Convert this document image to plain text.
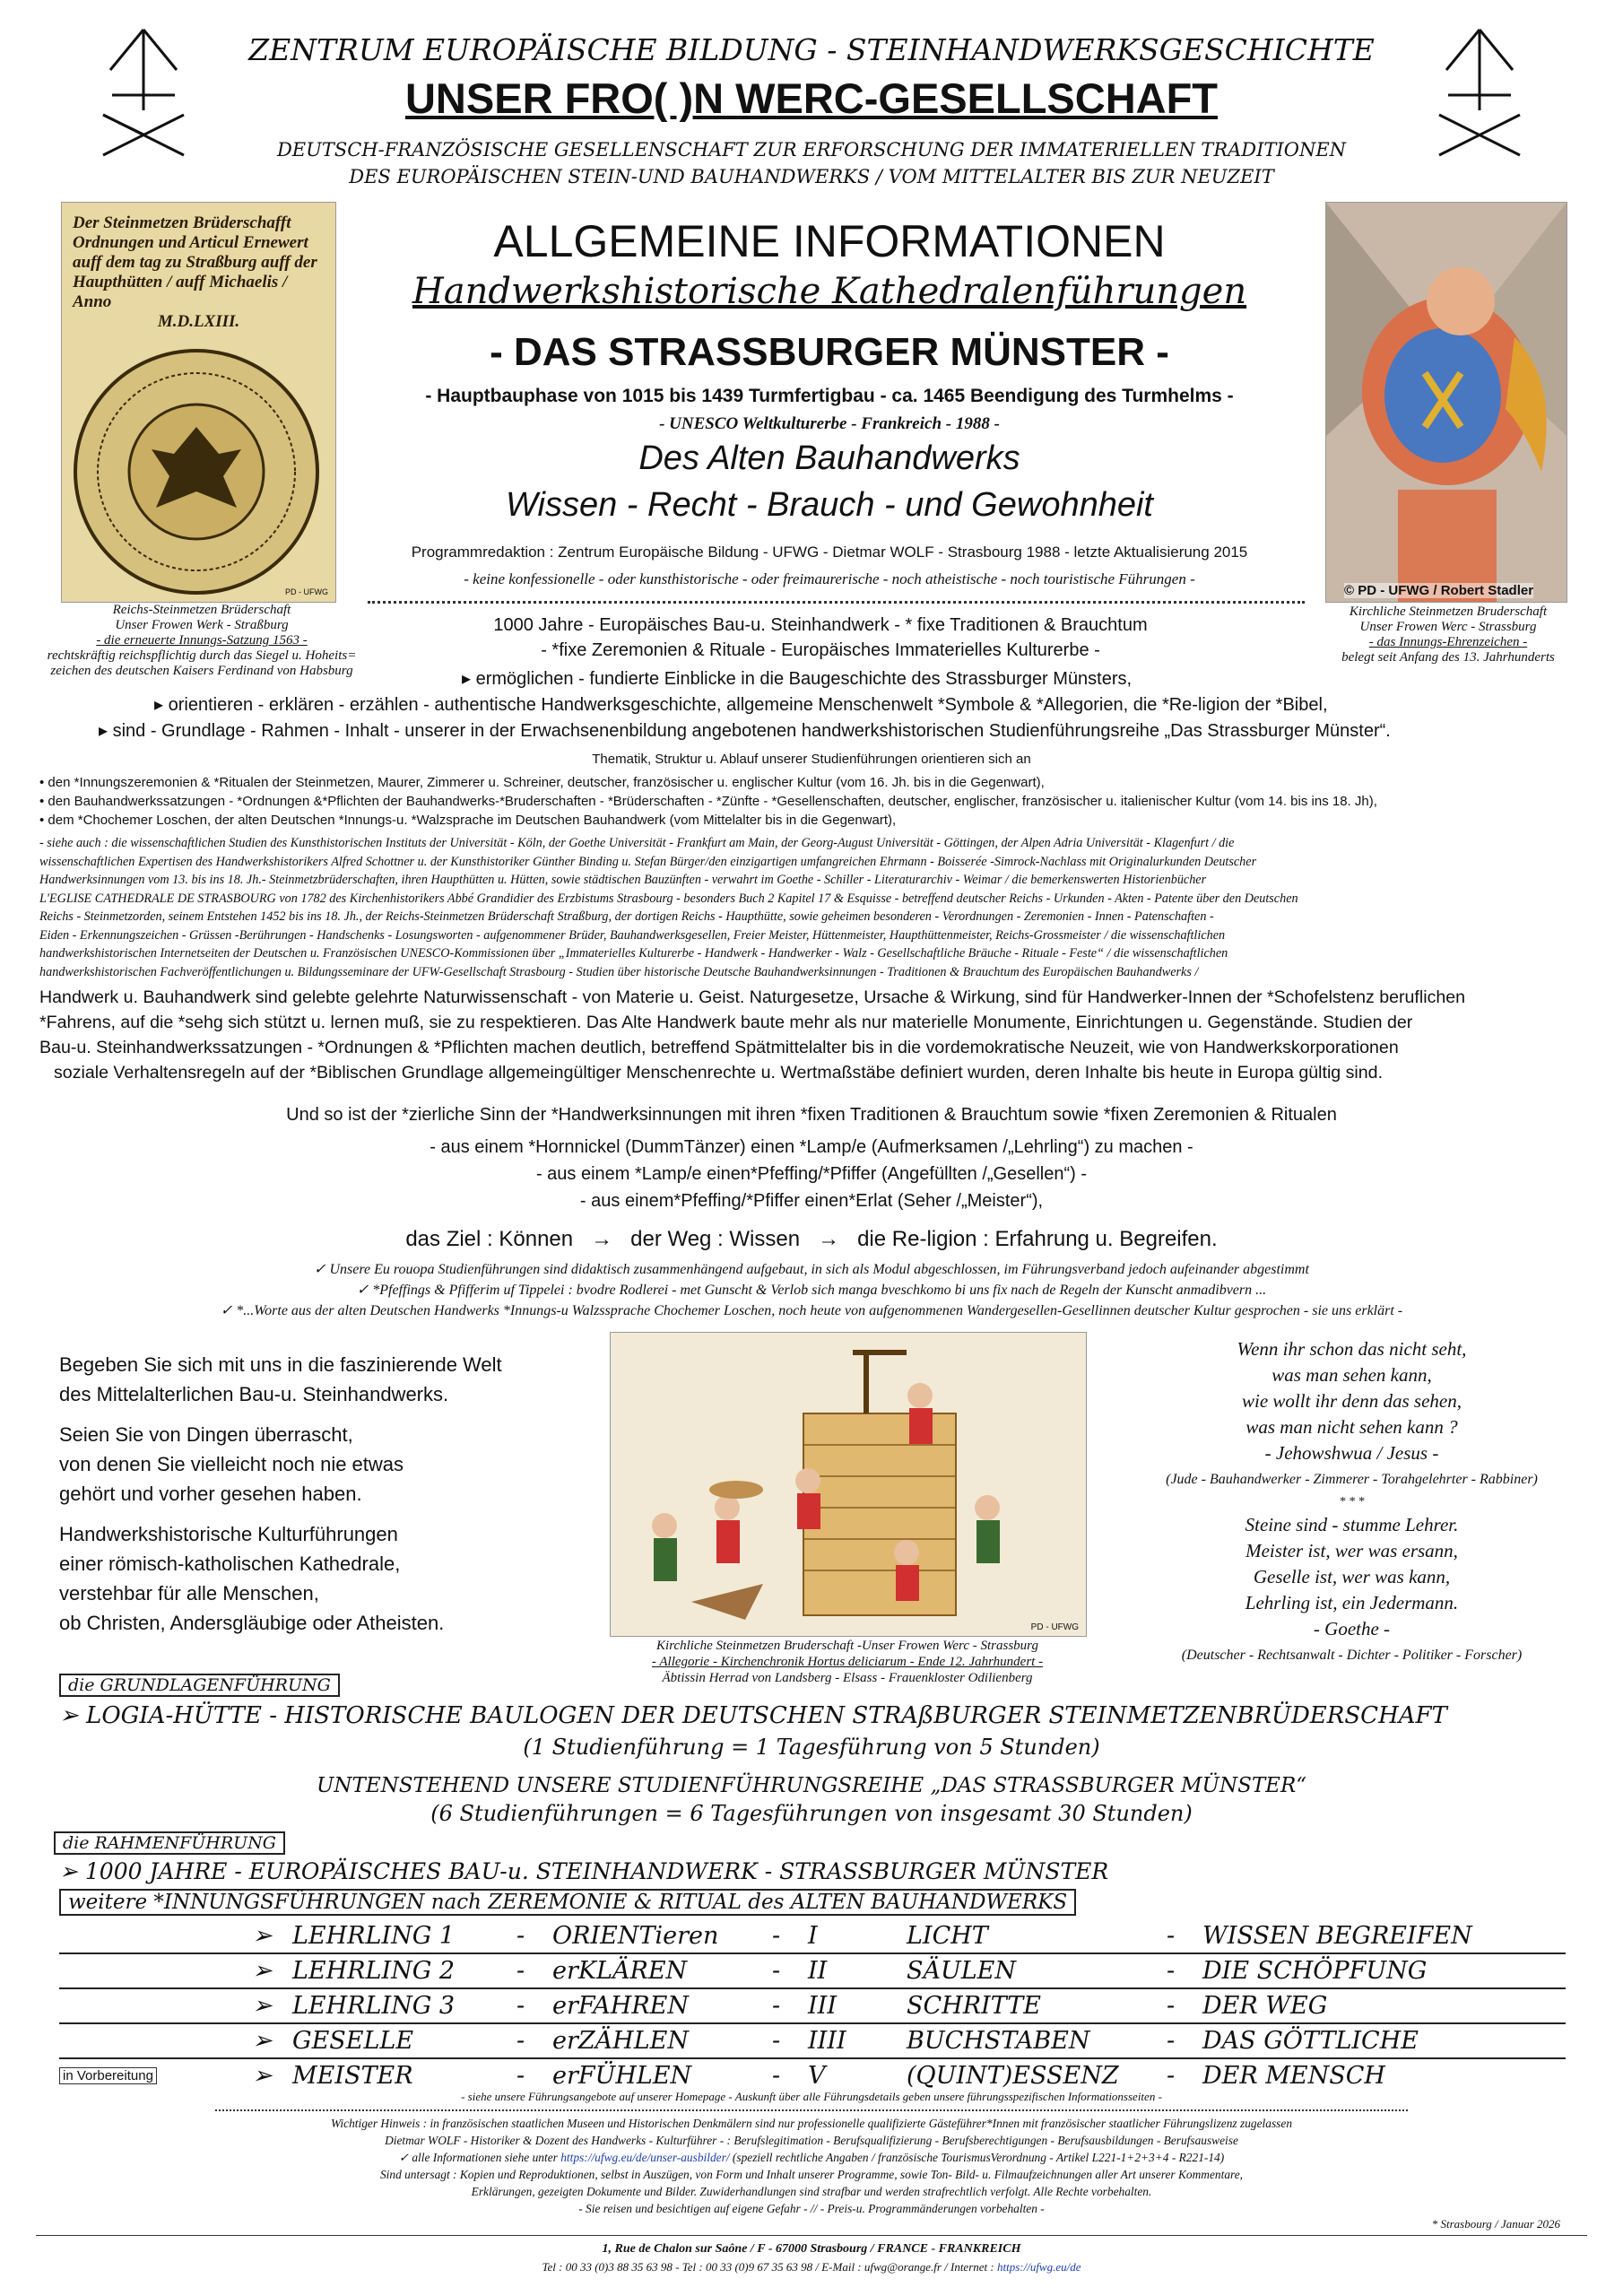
ZENTRUM EUROPÄISCHE BILDUNG - STEINHANDWERKSGESCHICHTE
UNSER FRO( )N WERC-GESELLSCHAFT
DEUTSCH-FRANZÖSISCHE GESELLENSCHAFT ZUR ERFORSCHUNG DER IMMATERIELLEN TRADITIONEN
DES EUROPÄISCHEN STEIN-UND BAUHANDWERKS / VOM MITTELALTER BIS ZUR NEUZEIT
Der Steinmetzen Brüderschafft Ordnungen und Articul Ernewert auff dem tag zu Straßburg auff der Haupthütten / auff Michaelis / Anno
M.D.LXIII.
PD - UFWG
Reichs-Steinmetzen Brüderschaft
Unser Frowen Werk - Straßburg
- die erneuerte Innungs-Satzung 1563 -
rechtskräftig reichspflichtig durch das Siegel u. Hoheits=
zeichen des deutschen Kaisers Ferdinand von Habsburg
© PD - UFWG / Robert Stadler
Kirchliche Steinmetzen Bruderschaft
Unser Frowen Werc - Strassburg
- das Innungs-Ehrenzeichen -
belegt seit Anfang des 13. Jahrhunderts
ALLGEMEINE INFORMATIONEN
Handwerkshistorische Kathedralenführungen
- DAS STRASSBURGER MÜNSTER -
- Hauptbauphase von 1015 bis 1439 Turmfertigbau - ca. 1465 Beendigung des Turmhelms -
- UNESCO Weltkulturerbe - Frankreich - 1988 -
Des Alten Bauhandwerks
Wissen - Recht - Brauch - und Gewohnheit
Programmredaktion : Zentrum Europäische Bildung - UFWG - Dietmar WOLF - Strasbourg 1988 - letzte Aktualisierung 2015
- keine konfessionelle - oder kunsthistorische - oder freimaurerische - noch atheistische - noch touristische Führungen -
1000 Jahre - Europäisches Bau-u. Steinhandwerk - * fixe Traditionen & Brauchtum
- *fixe Zeremonien & Rituale - Europäisches Immaterielles Kulturerbe -
▸ ermöglichen - fundierte Einblicke in die Baugeschichte des Strassburger Münsters,
▸ orientieren - erklären - erzählen - authentische Handwerksgeschichte, allgemeine Menschenwelt *Symbole & *Allegorien, die *Re-ligion der *Bibel,
▸ sind - Grundlage - Rahmen - Inhalt - unserer in der Erwachsenenbildung angebotenen handwerkshistorischen Studienführungsreihe „Das Strassburger Münster“.
Thematik, Struktur u. Ablauf unserer Studienführungen orientieren sich an
• den *Innungszeremonien & *Ritualen der Steinmetzen, Maurer, Zimmerer u. Schreiner, deutscher, französischer u. englischer Kultur (vom 16. Jh. bis in die Gegenwart),
• den Bauhandwerkssatzungen - *Ordnungen &*Pflichten der Bauhandwerks-*Bruderschaften - *Brüderschaften - *Zünfte - *Gesellenschaften, deutscher, englischer, französischer u. italienischer Kultur (vom 14. bis ins 18. Jh),
• dem *Chochemer Loschen, der alten Deutschen *Innungs-u. *Walzsprache im Deutschen Bauhandwerk (vom Mittelalter bis in die Gegenwart),
- siehe auch : die wissenschaftlichen Studien des Kunsthistorischen Instituts der Universität - Köln, der Goethe Universität - Frankfurt am Main, der Georg-August Universität - Göttingen, der Alpen Adria Universität - Klagenfurt / die
wissenschaftlichen Expertisen des Handwerkshistorikers Alfred Schottner u. der Kunsthistoriker Günther Binding u. Stefan Bürger/den einzigartigen umfangreichen Ehrmann - Boisserée -Simrock-Nachlass mit Originalurkunden Deutscher
Handwerksinnungen vom 13. bis ins 18. Jh.- Steinmetzbrüderschaften, ihren Haupthütten u. Hütten, sowie städtischen Bauzünften - verwahrt im Goethe - Schiller - Literaturarchiv - Weimar / die bemerkenswerten Historienbücher
L'EGLISE CATHEDRALE DE STRASBOURG von 1782 des Kirchenhistorikers Abbé Grandidier des Erzbistums Strasbourg - besonders Buch 2 Kapitel 17 & Esquisse - betreffend deutscher Reichs - Urkunden - Akten - Patente über den Deutschen
Reichs - Steinmetzorden, seinem Entstehen 1452 bis ins 18. Jh., der Reichs-Steinmetzen Brüderschaft Straßburg, der dortigen Reichs - Haupthütte, sowie geheimen besonderen - Verordnungen - Zeremonien - Innen - Patenschaften -
Eiden - Erkennungszeichen - Grüssen -Berührungen - Handschenks - Losungsworten - aufgenommener Brüder, Bauhandwerksgesellen, Freier Meister, Hüttenmeister, Haupthüttenmeister, Reichs-Grossmeister / die wissenschaftlichen
handwerkshistorischen Internetseiten der Deutschen u. Französischen UNESCO-Kommissionen über „Immaterielles Kulturerbe - Handwerk - Handwerker - Walz - Gesellschaftliche Bräuche - Rituale - Feste“ / die wissenschaftlichen
handwerkshistorischen Fachveröffentlichungen u. Bildungsseminare der UFW-Gesellschaft Strasbourg - Studien über historische Deutsche Bauhandwerksinnungen - Traditionen & Brauchtum des Europäischen Bauhandwerks /
Handwerk u. Bauhandwerk sind gelebte gelehrte Naturwissenschaft - von Materie u. Geist. Naturgesetze, Ursache & Wirkung, sind für Handwerker-Innen der *Schofelstenz beruflichen
*Fahrens, auf die *sehg sich stützt u. lernen muß, sie zu respektieren. Das Alte Handwerk baute mehr als nur materielle Monumente, Einrichtungen u. Gegenstände. Studien der
Bau-u. Steinhandwerkssatzungen - *Ordnungen & *Pflichten machen deutlich, betreffend Spätmittelalter bis in die vordemokratische Neuzeit, wie von Handwerkskorporationen
soziale Verhaltensregeln auf der *Biblischen Grundlage allgemeingültiger Menschenrechte u. Wertmaßstäbe definiert wurden, deren Inhalte bis heute in Europa gültig sind.
Und so ist der *zierliche Sinn der *Handwerksinnungen mit ihren *fixen Traditionen & Brauchtum sowie *fixen Zeremonien & Ritualen
- aus einem *Hornnickel (DummTänzer) einen *Lamp/e (Aufmerksamen /„Lehrling“) zu machen -
- aus einem *Lamp/e einen*Pfeffing/*Pfiffer (Angefüllten /„Gesellen“) -
- aus einem*Pfeffing/*Pfiffer einen*Erlat (Seher /„Meister“),
das Ziel : Können   →   der Weg : Wissen   →   die Re-ligion : Erfahrung u. Begreifen.
✓ Unsere Eu rouopa Studienführungen sind didaktisch zusammenhängend aufgebaut, in sich als Modul abgeschlossen, im Führungsverband jedoch aufeinander abgestimmt
✓ *Pfeffings & Pfifferim uf Tippelei : bvodre Rodlerei - met Gunscht & Verlob sich manga bveschkomo bi uns fix nach de Regeln der Kunscht anmadibvern ...
✓ *...Worte aus der alten Deutschen Handwerks *Innungs-u Walzssprache Chochemer Loschen, noch heute von aufgenommenen Wandergesellen-Gesellinnen deutscher Kultur gesprochen - sie uns erklärt -
Begeben Sie sich mit uns in die faszinierende Welt
des Mittelalterlichen Bau-u. Steinhandwerks.
Seien Sie von Dingen überrascht,
von denen Sie vielleicht noch nie etwas
gehört und vorher gesehen haben.
Handwerkshistorische Kulturführungen
einer römisch-katholischen Kathedrale,
verstehbar für alle Menschen,
ob Christen, Andersgläubige oder Atheisten.	PD - UFWG
Kirchliche Steinmetzen Bruderschaft -Unser Frowen Werc - Strassburg
- Allegorie - Kirchenchronik Hortus deliciarum - Ende 12. Jahrhundert -
Äbtissin Herrad von Landsberg - Elsass - Frauenkloster Odilienberg
Wenn ihr schon das nicht seht,
was man sehen kann,
wie wollt ihr denn das sehen,
was man nicht sehen kann ?
- Jehowshwua / Jesus -
(Jude - Bauhandwerker - Zimmerer - Torahgelehrter - Rabbiner)
* * *
Steine sind - stumme Lehrer.
Meister ist, wer was ersann,
Geselle ist, wer was kann,
Lehrling ist, ein Jedermann.
- Goethe -
(Deutscher - Rechtsanwalt - Dichter - Politiker - Forscher)
die GRUNDLAGENFÜHRUNG
➢ LOGIA-HÜTTE - HISTORISCHE BAULOGEN DER DEUTSCHEN STRAßBURGER STEINMETZENBRÜDERSCHAFT
(1 Studienführung = 1 Tagesführung von 5 Stunden)
UNTENSTEHEND UNSERE STUDIENFÜHRUNGSREIHE „DAS STRASSBURGER MÜNSTER“
(6 Studienführungen = 6 Tagesführungen von insgesamt 30 Stunden)
die RAHMENFÜHRUNG
➢ 1000 JAHRE - EUROPÄISCHES BAU-u. STEINHANDWERK - STRASSBURGER MÜNSTER
weitere *INNUNGSFÜHRUNGEN nach ZEREMONIE & RITUAL des ALTEN BAUHANDWERKS
➢ LEHRLING 1	-	ORIENTieren	-	I	LICHT	-	WISSEN BEGREIFEN
➢ LEHRLING 2	-	erKLÄREN	-	II	SÄULEN	-	DIE SCHÖPFUNG
➢ LEHRLING 3	-	erFAHREN	-	III	SCHRITTE	-	DER WEG
➢ GESELLE	-	erZÄHLEN	-	IIII	BUCHSTABEN	-	DAS GÖTTLICHE
in Vorbereitung	➢ MEISTER	-	erFÜHLEN	-	V	(QUINT)ESSENZ	-	DER MENSCH
- siehe unsere Führungsangebote auf unserer Homepage - Auskunft über alle Führungsdetails geben unsere führungsspezifischen Informationsseiten -
Wichtiger Hinweis : in französischen staatlichen Museen und Historischen Denkmälern sind nur professionelle qualifizierte Gästeführer*Innen mit französischer staatlicher Führungslizenz zugelassen
Dietmar WOLF - Historiker & Dozent des Handwerks - Kulturführer - : Berufslegitimation - Berufsqualifizierung - Berufsberechtigungen - Berufsausbildungen - Berufsausweise
✓ alle Informationen siehe unter https://ufwg.eu/de/unser-ausbilder/ (speziell rechtliche Angaben / französische TourismusVerordnung - Artikel L221-1+2+3+4 - R221-14)
Sind untersagt : Kopien und Reproduktionen, selbst in Auszügen, von Form und Inhalt unserer Programme, sowie Ton- Bild- u. Filmaufzeichnungen aller Art unserer Kommentare,
Erklärungen, gezeigten Dokumente und Bilder. Zuwiderhandlungen sind strafbar und werden strafrechtlich verfolgt. Alle Rechte vorbehalten.
- Sie reisen und besichtigen auf eigene Gefahr - // - Preis-u. Programmänderungen vorbehalten -
* Strasbourg / Januar 2026
1, Rue de Chalon sur Saône / F - 67000 Strasbourg / FRANCE - FRANKREICH
Tel : 00 33 (0)3 88 35 63 98 - Tel : 00 33 (0)9 67 35 63 98 / E-Mail : ufwg@orange.fr / Internet : https://ufwg.eu/de
